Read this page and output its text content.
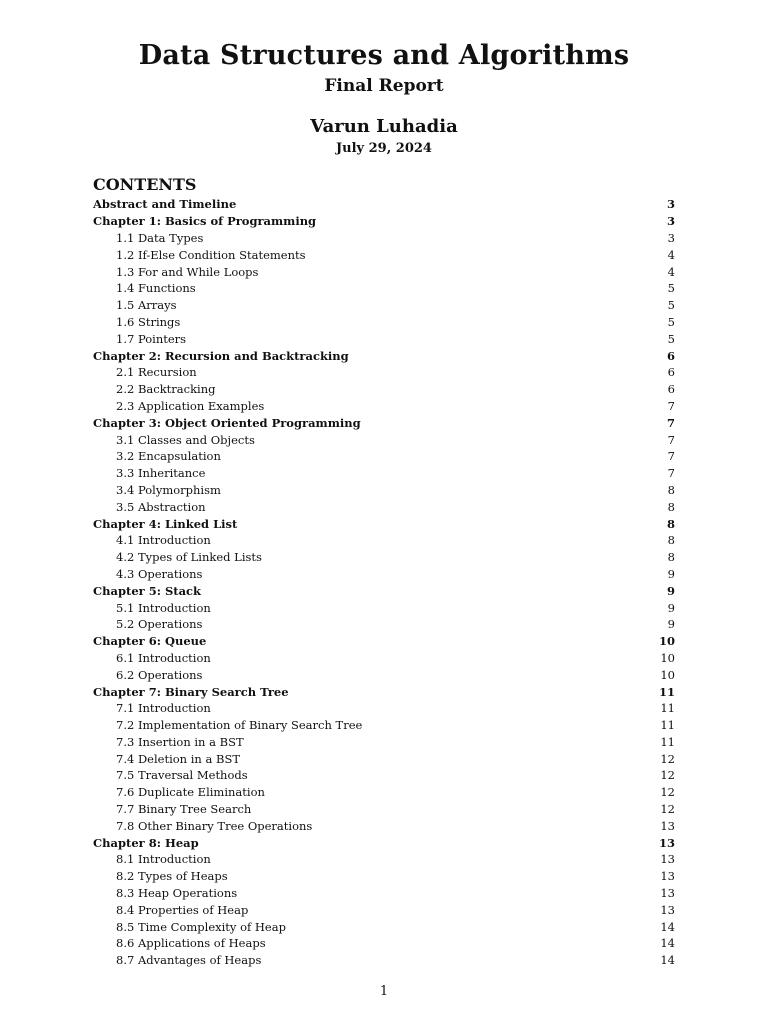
Data Structures and Algorithms
Final Report
Varun Luhadia
July 29, 2024
CONTENTS
Abstract and Timeline	3
Chapter 1: Basics of Programming	3
1.1 Data Types	3
1.2 If-Else Condition Statements	4
1.3 For and While Loops	4
1.4 Functions	5
1.5 Arrays	5
1.6 Strings	5
1.7 Pointers	5
Chapter 2: Recursion and Backtracking	6
2.1 Recursion	6
2.2 Backtracking	6
2.3 Application Examples	7
Chapter 3: Object Oriented Programming	7
3.1 Classes and Objects	7
3.2 Encapsulation	7
3.3 Inheritance	7
3.4 Polymorphism	8
3.5 Abstraction	8
Chapter 4: Linked List	8
4.1 Introduction	8
4.2 Types of Linked Lists	8
4.3 Operations	9
Chapter 5: Stack	9
5.1 Introduction	9
5.2 Operations	9
Chapter 6: Queue	10
6.1 Introduction	10
6.2 Operations	10
Chapter 7: Binary Search Tree	11
7.1 Introduction	11
7.2 Implementation of Binary Search Tree	11
7.3 Insertion in a BST	11
7.4 Deletion in a BST	12
7.5 Traversal Methods	12
7.6 Duplicate Elimination	12
7.7 Binary Tree Search	12
7.8 Other Binary Tree Operations	13
Chapter 8: Heap	13
8.1 Introduction	13
8.2 Types of Heaps	13
8.3 Heap Operations	13
8.4 Properties of Heap	13
8.5 Time Complexity of Heap	14
8.6 Applications of Heaps	14
8.7 Advantages of Heaps	14
1
